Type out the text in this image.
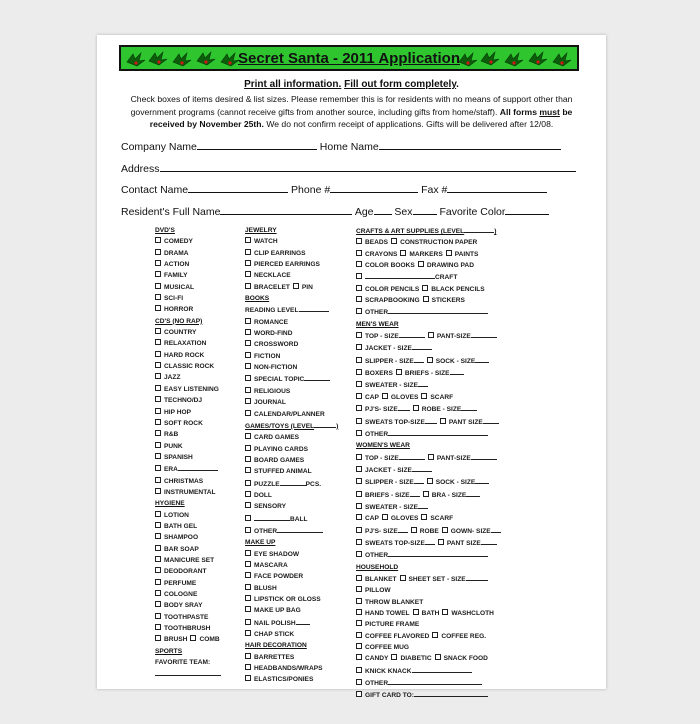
Secret Santa - 2011 Application
Print all information. Fill out form completely.
Check boxes of items desired & list sizes. Please remember this is for residents with no means of support other than government programs (cannot receive gifts from another source, including gifts from home/staff). All forms must be received by November 25th. We do not confirm receipt of applications. Gifts will be delivered after 12/08.
Company Name	Home Name
Address
Contact Name	Phone #	Fax #
Resident's Full Name	Age Sex	Favorite Color
DVD'S
COMEDY
DRAMA
ACTION
FAMILY
MUSICAL
SCI-FI
HORROR
CD'S (NO RAP)
COUNTRY
RELAXATION
HARD ROCK
CLASSIC ROCK
JAZZ
EASY LISTENING
TECHNO/DJ
HIP HOP
SOFT ROCK
R&B
PUNK
SPANISH
ERA
CHRISTMAS
INSTRUMENTAL
HYGIENE
LOTION
BATH GEL
SHAMPOO
BAR SOAP
MANICURE SET
DEODORANT
PERFUME
COLOGNE
BODY SRAY
TOOTHPASTE
TOOTHBRUSH
BRUSH COMB
SPORTS
FAVORITE TEAM:
JEWELRY
WATCH
CLIP EARRINGS
PIERCED EARRINGS
NECKLACE
BRACELET PIN
BOOKS
READING LEVEL
ROMANCE
WORD-FIND
CROSSWORD
FICTION
NON-FICTION
SPECIAL TOPIC
RELIGIOUS
JOURNAL
CALENDAR/PLANNER
GAMES/TOYS (LEVEL	)
CARD GAMES
PLAYING CARDS
BOARD GAMES
STUFFED ANIMAL
PUZZLE	PCS.
DOLL
SENSORY
BALL
OTHER
MAKE UP
EYE SHADOW
MASCARA
FACE POWDER
BLUSH
LIPSTICK OR GLOSS
MAKE UP BAG
NAIL POLISH
CHAP STICK
HAIR DECORATION
BARRETTES
HEADBANDS/WRAPS
ELASTICS/PONIES
CRAFTS & ART SUPPLIES (LEVEL	)
BEADS CONSTRUCTION PAPER
CRAYONS MARKERS PAINTS
COLOR BOOKS DRAWING PAD
CRAFT
COLOR PENCILS BLACK PENCILS
SCRAPBOOKING STICKERS
OTHER
MEN'S WEAR
TOP - SIZE	PANT-SIZE
JACKET - SIZE
SLIPPER - SIZE	SOCK - SIZE
BOXERS BRIEFS - SIZE
SWEATER - SIZE
CAP GLOVES SCARF
PJ'S- SIZE	ROBE - SIZE
SWEATS TOP-SIZE	PANT SIZE
OTHER
WOMEN'S WEAR
TOP - SIZE	PANT-SIZE
JACKET - SIZE
SLIPPER - SIZE	SOCK - SIZE
BRIEFS - SIZE	BRA - SIZE
SWEATER - SIZE
CAP GLOVES SCARF
PJ'S- SIZE	ROBE GOWN- SIZE
SWEATS TOP-SIZE	PANT SIZE
OTHER
HOUSEHOLD
BLANKET SHEET SET - SIZE
PILLOW
THROW BLANKET
HAND TOWEL BATH WASHCLOTH
PICTURE FRAME
COFFEE FLAVORED COFFEE REG.
COFFEE MUG
CANDY DIABETIC SNACK FOOD
KNICK KNACK
OTHER
GIFT CARD TO:
